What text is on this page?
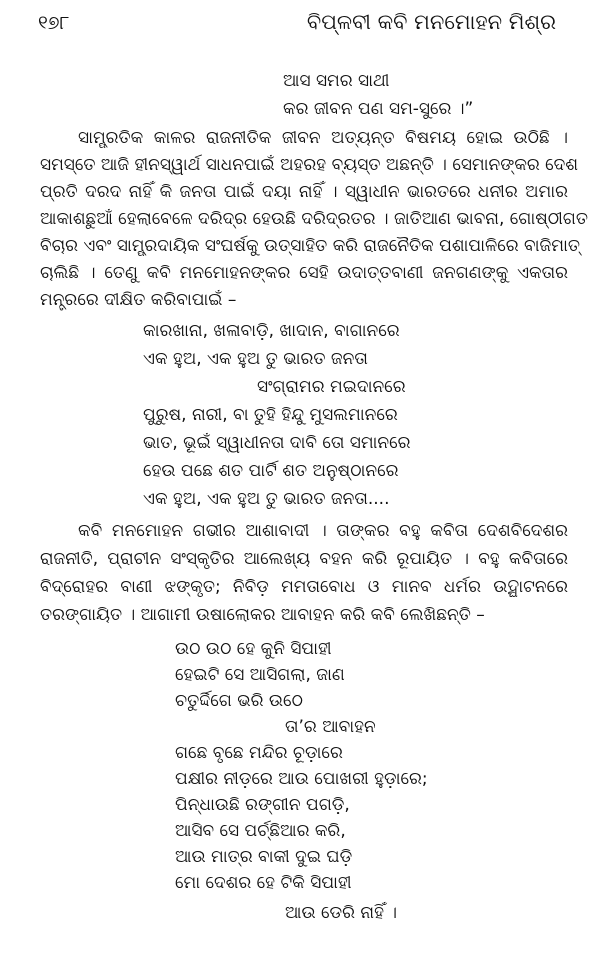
୧୭୮	ବିପ୍ଳବୀ କବି ମନମୋହନ ମିଶ୍ର
ଆସ ସମର ସାଥୀ
କର ଜୀବନ ପଣ ସମ-ସୁରେ ।”
ସାମ୍ପ୍ରତିକ କାଳର ରାଜନୀତିକ ଜୀବନ ଅତ୍ୟନ୍ତ ବିଷମୟ ହୋଇ ଉଠିଛି ।
ସମସ୍ତେ ଆଜି ହୀନସ୍ୱାର୍ଥ ସାଧନପାଇଁ ଅହରହ ବ୍ୟସ୍ତ ଅଛନ୍ତି । ସେମାନଙ୍କର ଦେଶ
ପ୍ରତି ଦରଦ ନାହିଁ କି ଜନତା ପାଇଁ ଦୟା ନାହିଁ । ସ୍ୱାଧୀନ ଭାରତରେ ଧନୀର ଅମାର
ଆକାଶଛୁଆଁ ହେଲାବେଳେ ଦରିଦ୍ର ହେଉଛି ଦରିଦ୍ରତର । ଜାତିଆଣ ଭାବନା, ଗୋଷ୍ଠୀଗତ
ବିଚାର ଏବଂ ସାମ୍ପ୍ରଦାୟିକ ସଂଘର୍ଷକୁ ଉତ୍ସାହିତ କରି ରାଜନୈତିକ ପଶାପାଳିରେ ବାଜିମାତ୍
ଚାଲିଛି । ତେଣୁ କବି ମନମୋହନଙ୍କର ସେହି ଉଦାତ୍ତବାଣୀ ଜନଗଣଙ୍କୁ ଏକତାର
ମନ୍ତ୍ରରେ ଦୀକ୍ଷିତ କରିବାପାଇଁ –
କାରଖାନା, ଖଳାବାଡ଼ି, ଖାଦାନ, ବାଗାନରେ
ଏକ ହୁଅ, ଏକ ହୁଅ ତୁ ଭାରତ ଜନତା
ସଂଗ୍ରାମର ମଇଦାନରେ
ପୁରୁଷ, ନାରୀ, ବା ତୁହି ହିନ୍ଦୁ ମୁସଲମାନରେ
ଭାତ, ଭୂଇଁ ସ୍ୱାଧୀନତା ଦାବି ତୋ ସମାନରେ
ହେଉ ପଛେ ଶତ ପାର୍ଟି ଶତ ଅନୁଷ୍ଠାନରେ
ଏକ ହୁଅ, ଏକ ହୁଅ ତୁ ଭାରତ ଜନତା....
କବି ମନମୋହନ ଗଭୀର ଆଶାବାଦୀ । ତାଙ୍କର ବହୁ କବିତା ଦେଶବିଦେଶର
ରାଜନୀତି, ପ୍ରାଚୀନ ସଂସ୍କୃତିର ଆଲେଖ୍ୟ ବହନ କରି ରୂପାୟିତ । ବହୁ କବିତାରେ
ବିଦ୍ରୋହର ବାଣୀ ଝଙ୍କୃତ; ନିବିଡ଼ ମମତାବୋଧ ଓ ମାନବ ଧର୍ମର ଉଦ୍ଘାଟନରେ
ତରଙ୍ଗାୟିତ । ଆଗାମୀ ଉଷାଲୋକର ଆବାହନ କରି କବି ଲେଖିଛନ୍ତି –
ଉଠ ଉଠ ହେ କୁନି ସିପାହୀ
ହେଇଟି ସେ ଆସିଗଲା, ଜାଣ
ଚତୁର୍ଦ୍ଦିଗେ ଭରି ଉଠେ
ତା’ର ଆବାହନ
ଗଛେ ବୃଛେ ମନ୍ଦିର ଚୂଡ଼ାରେ
ପକ୍ଷୀର ନୀଡ଼ରେ ଆଉ ପୋଖରୀ ହୁଡ଼ାରେ;
ପିନ୍ଧାଉଛି ରଙ୍ଗୀନ ପଗଡ଼ି,
ଆସିବ ସେ ପର୍ଚ୍ଛିଆର କରି,
ଆଉ ମାତ୍ର ବାକୀ ଦୁଇ ଘଡ଼ି
ମୋ ଦେଶର ହେ ଟିକି ସିପାହୀ
ଆଉ ଡେରି ନାହିଁ ।
